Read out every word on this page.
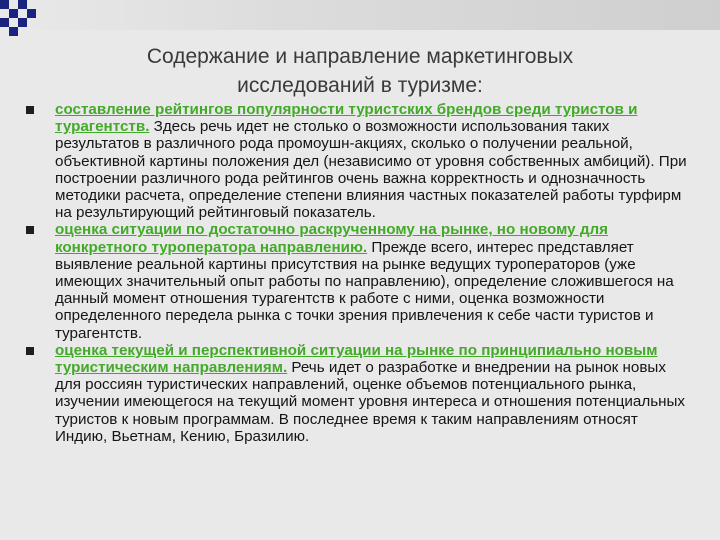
Содержание и направление маркетинговых
исследований в туризме:

составление рейтингов популярности туристских брендов среди туристов и турагентств. Здесь речь идет не столько о возможности использования таких результатов в различного рода промоушн-акциях, сколько о получении реальной, объективной картины положения дел (независимо от уровня собственных амбиций). При построении различного рода рейтингов очень важна корректность и однозначность методики расчета, определение степени влияния частных показателей работы турфирм на результирующий рейтинговый показатель.

оценка ситуации по достаточно раскрученному на рынке, но новому для конкретного туроператора направлению. Прежде всего, интерес представляет выявление реальной картины присутствия на рынке ведущих туроператоров (уже имеющих значительный опыт работы по направлению), определение сложившегося на данный момент отношения турагентств к работе с ними, оценка возможности определенного передела рынка с точки зрения привлечения к себе части туристов и турагентств.

оценка текущей и перспективной ситуации на рынке по принципиально новым туристическим направлениям. Речь идет о разработке и внедрении на рынок новых для россиян туристических направлений, оценке объемов потенциального рынка, изучении имеющегося на текущий момент уровня интереса и отношения потенциальных туристов к новым программам. В последнее время к таким направлениям относят Индию, Вьетнам, Кению, Бразилию.
